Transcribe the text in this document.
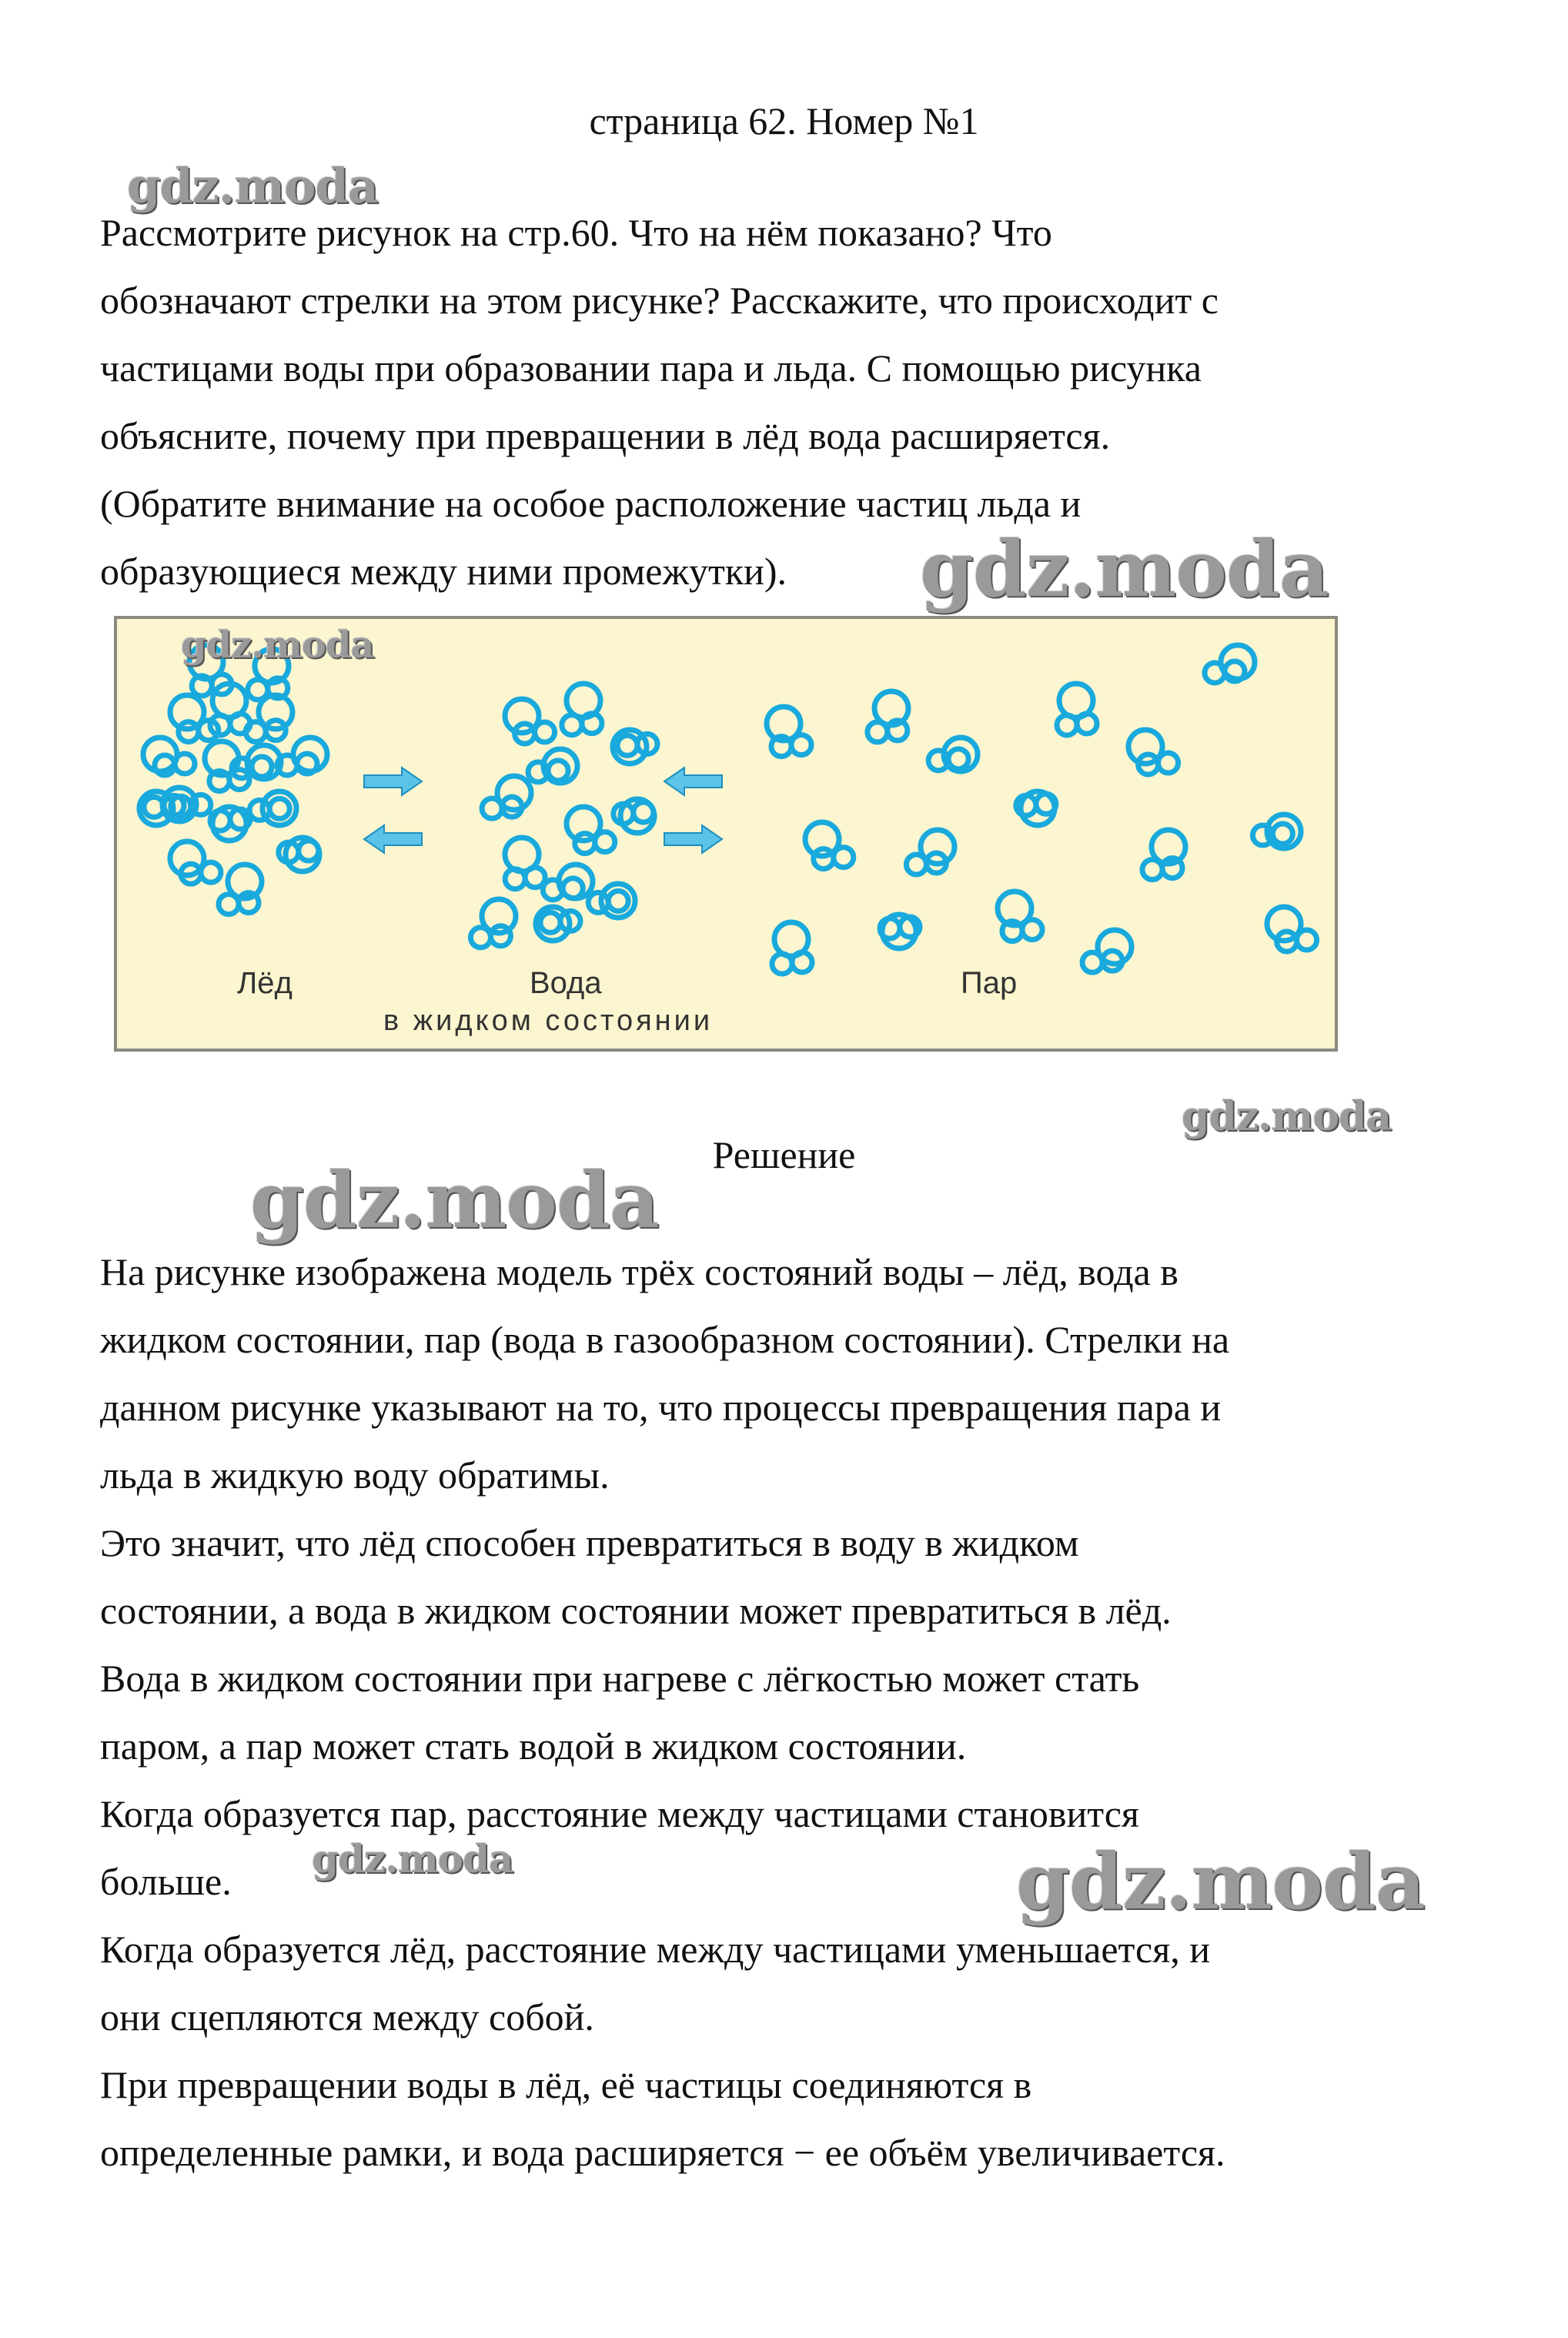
страница 62. Номер №1

Рассмотрите рисунок на стр.60. Что на нём показано? Что
обозначают стрелки на этом рисунке? Расскажите, что происходит с
частицами воды при образовании пара и льда. С помощью рисунка
объясните, почему при превращении в лёд вода расширяется.
(Обратите внимание на особое расположение частиц льда и
образующиеся между ними промежутки).

Лёд	Вода
в жидком состоянии
Пар
Решение

На рисунке изображена модель трёх состояний воды – лёд, вода в
жидком состоянии, пар (вода в газообразном состоянии). Стрелки на
данном рисунке указывают на то, что процессы превращения пара и
льда в жидкую воду обратимы.
Это значит, что лёд способен превратиться в воду в жидком
состоянии, а вода в жидком состоянии может превратиться в лёд.
Вода в жидком состоянии при нагреве с лёгкостью может стать
паром, а пар может стать водой в жидком состоянии.
Когда образуется пар, расстояние между частицами становится
больше.
Когда образуется лёд, расстояние между частицами уменьшается, и
они сцепляются между собой.
При превращении воды в лёд, её частицы соединяются в
определенные рамки, и вода расширяется − ее объём увеличивается.

gdz.moda
gdz.moda
gdz.moda
gdz.moda
gdz.moda
gdz.moda	gdz.moda
